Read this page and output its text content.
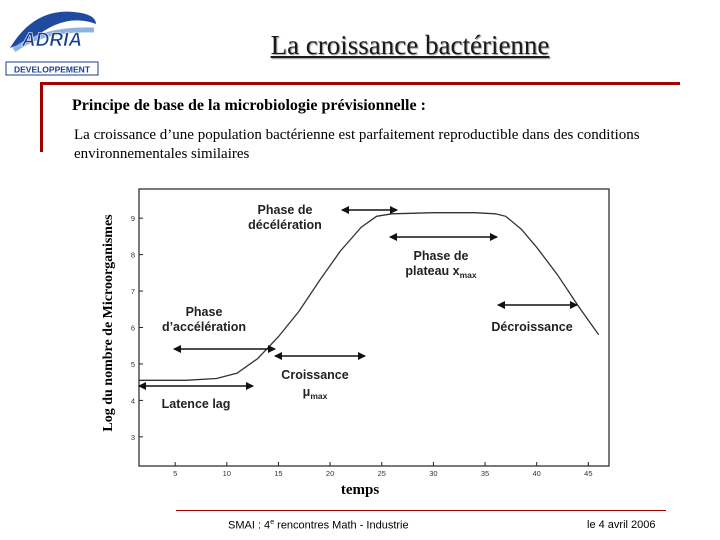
ADRIA
DEVELOPPEMENT
La croissance bactérienne
Principe de base de la microbiologie prévisionnelle :
La croissance d’une population bactérienne est parfaitement reproductible dans des conditions environnementales similaires
Log du nombre de Microorganismes
5	10	15	20	25	30	35	40	45
3
4
5
6
7
8
9
Phase de
décélération
Phase de
plateau $x_{max}$
Phase
d’accélération	Décroissance
Croissance
$\mu_{max}$
Latence lag
temps
SMAI : 4e rencontres Math - Industrie	le 4 avril 2006
